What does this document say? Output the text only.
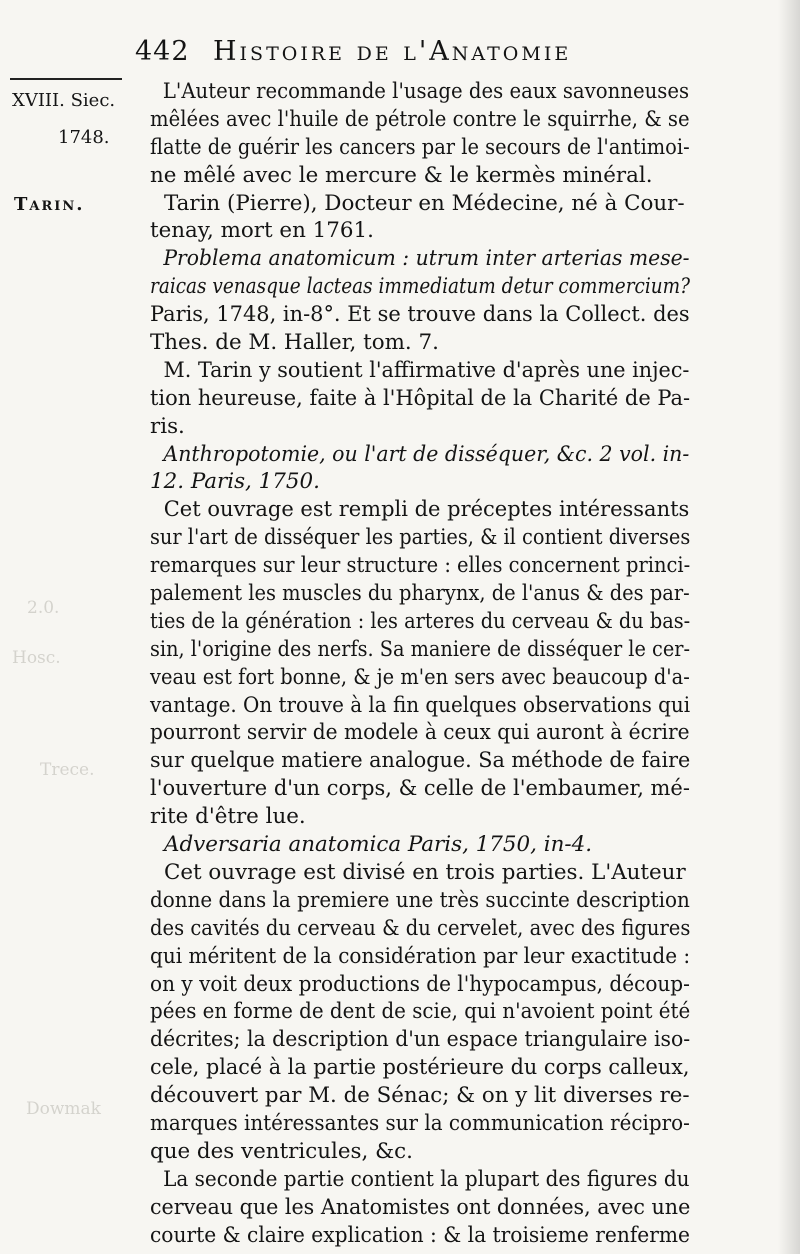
442 Histoire de l'Anatomie
XVIII. Siec.
1748.
Tarin.
2.0.
Hosc.
Trece.
Dowmak
L'Auteur recommande l'usage des eaux savonneuses
mêlées avec l'huile de pétrole contre le squirrhe, & se
flatte de guérir les cancers par le secours de l'antimoi-
ne mêlé avec le mercure & le kermès minéral.
Tarin (Pierre), Docteur en Médecine, né à Cour-
tenay, mort en 1761.
Problema anatomicum : utrum inter arterias mese-
raicas venasque lacteas immediatum detur commercium?
Paris, 1748, in-8°. Et se trouve dans la Collect. des
Thes. de M. Haller, tom. 7.
M. Tarin y soutient l'affirmative d'après une injec-
tion heureuse, faite à l'Hôpital de la Charité de Pa-
ris.
Anthropotomie, ou l'art de disséquer, &c. 2 vol. in-
12. Paris, 1750.
Cet ouvrage est rempli de préceptes intéressants
sur l'art de disséquer les parties, & il contient diverses
remarques sur leur structure : elles concernent princi-
palement les muscles du pharynx, de l'anus & des par-
ties de la génération : les arteres du cerveau & du bas-
sin, l'origine des nerfs. Sa maniere de disséquer le cer-
veau est fort bonne, & je m'en sers avec beaucoup d'a-
vantage. On trouve à la fin quelques observations qui
pourront servir de modele à ceux qui auront à écrire
sur quelque matiere analogue. Sa méthode de faire
l'ouverture d'un corps, & celle de l'embaumer, mé-
rite d'être lue.
Adversaria anatomica Paris, 1750, in-4.
Cet ouvrage est divisé en trois parties. L'Auteur
donne dans la premiere une très succinte description
des cavités du cerveau & du cervelet, avec des figures
qui méritent de la considération par leur exactitude :
on y voit deux productions de l'hypocampus, découp-
pées en forme de dent de scie, qui n'avoient point été
décrites; la description d'un espace triangulaire iso-
cele, placé à la partie postérieure du corps calleux,
découvert par M. de Sénac; & on y lit diverses re-
marques intéressantes sur la communication récipro-
que des ventricules, &c.
La seconde partie contient la plupart des figures du
cerveau que les Anatomistes ont données, avec une
courte & claire explication : & la troisieme renferme
